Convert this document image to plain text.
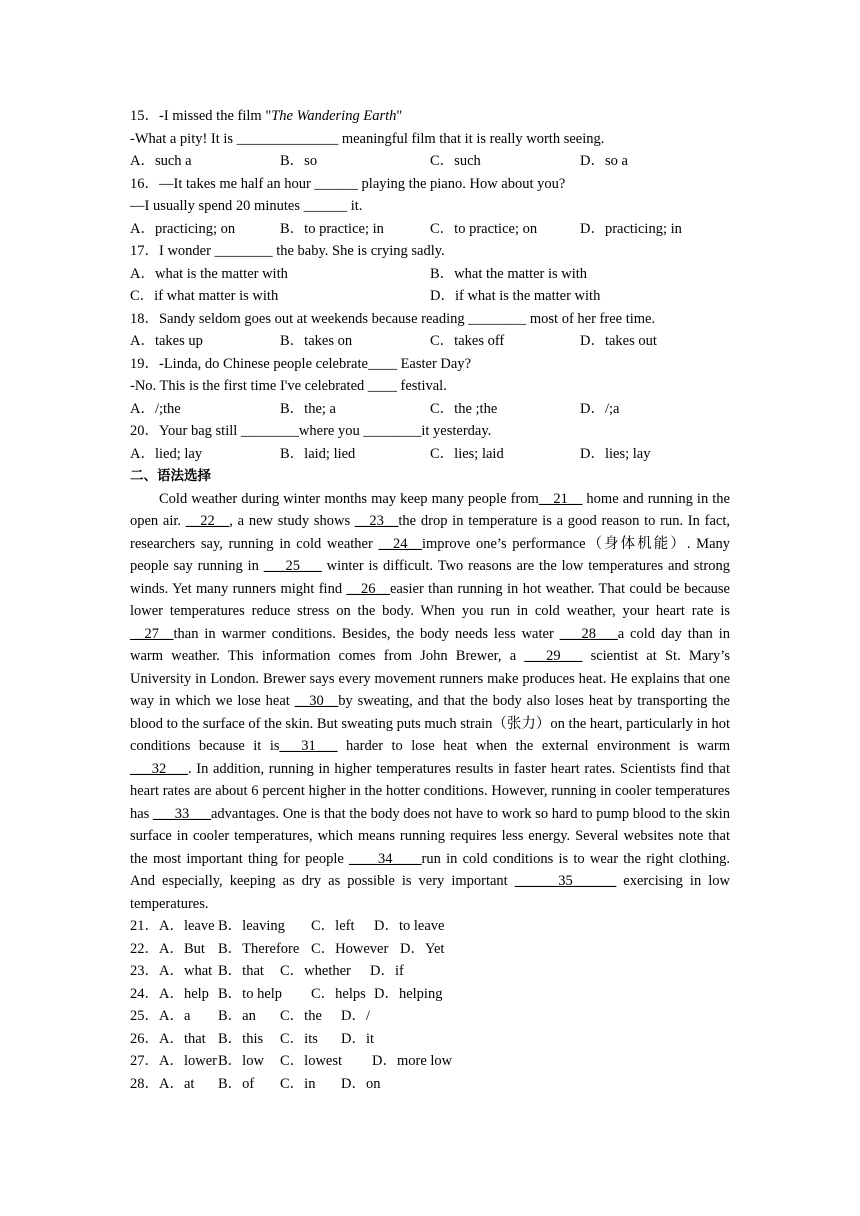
15．-I missed the film "The Wandering Earth"
-What a pity! It is ______________ meaningful film that it is really worth seeing.
A．such a	B．so	C．such	D．so a
16．—It takes me half an hour ______ playing the piano. How about you?
—I usually spend 20 minutes ______ it.
A．practicing; on	B．to practice; in	C．to practice; on	D．practicing; in
17．I wonder ________ the baby. She is crying sadly.
A．what is the matter with	B．what the matter is with
C．if what matter is with	D．if what is the matter with
18．Sandy seldom goes out at weekends because reading ________ most of her free time.
A．takes up	B．takes on	C．takes off	D．takes out
19．-Linda, do Chinese people celebrate____ Easter Day?
-No. This is the first time I've celebrated ____ festival.
A．/;the	B．the; a	C．the ;the	D．/;a
20．Your bag still ________where you ________it yesterday.
A．lied; lay	B．laid; lied	C．lies; laid	D．lies; lay
二、语法选择

Cold weather during winter months may keep many people from__21__ home and running in the open air. __22__, a new study shows __23__the drop in temperature is a good reason to run. In fact, researchers say, running in cold weather __24__improve one’s performance（身体机能）. Many people say running in ___25___ winter is difficult. Two reasons are the low temperatures and strong winds. Yet many runners might find __26__easier than running in hot weather. That could be because lower temperatures reduce stress on the body. When you run in cold weather, your heart rate is __27__than in warmer conditions. Besides, the body needs less water ___28___a cold day than in warm weather. This information comes from John Brewer, a ___29___ scientist at St. Mary’s University in London. Brewer says every movement runners make produces heat. He explains that one way in which we lose heat __30__by sweating, and that the body also loses heat by transporting the blood to the surface of the skin. But sweating puts much strain（张力）on the heart, particularly in hot conditions because it is___31___ harder to lose heat when the external environment is warm ___32___. In addition, running in higher temperatures results in faster heart rates. Scientists find that heart rates are about 6 percent higher in the hotter conditions. However, running in cooler temperatures has ___33___advantages. One is that the body does not have to work so hard to pump blood to the skin surface in cooler temperatures, which means running requires less energy. Several websites note that the most important thing for people ____34____run in cold conditions is to wear the right clothing. And especially, keeping as dry as possible is very important ______35______ exercising in low temperatures.

21．A．leave B．leaving C．left D．to leave
22．A．But B．Therefore C．However D．Yet
23．A．what B．that C．whether D．if
24．A．help B．to help C．helps D．helping
25．A．a B．an C．the D．/
26．A．that B．this C．its D．it
27．A．lower B．low C．lowest D．more low
28．A．at B．of C．in D．on
